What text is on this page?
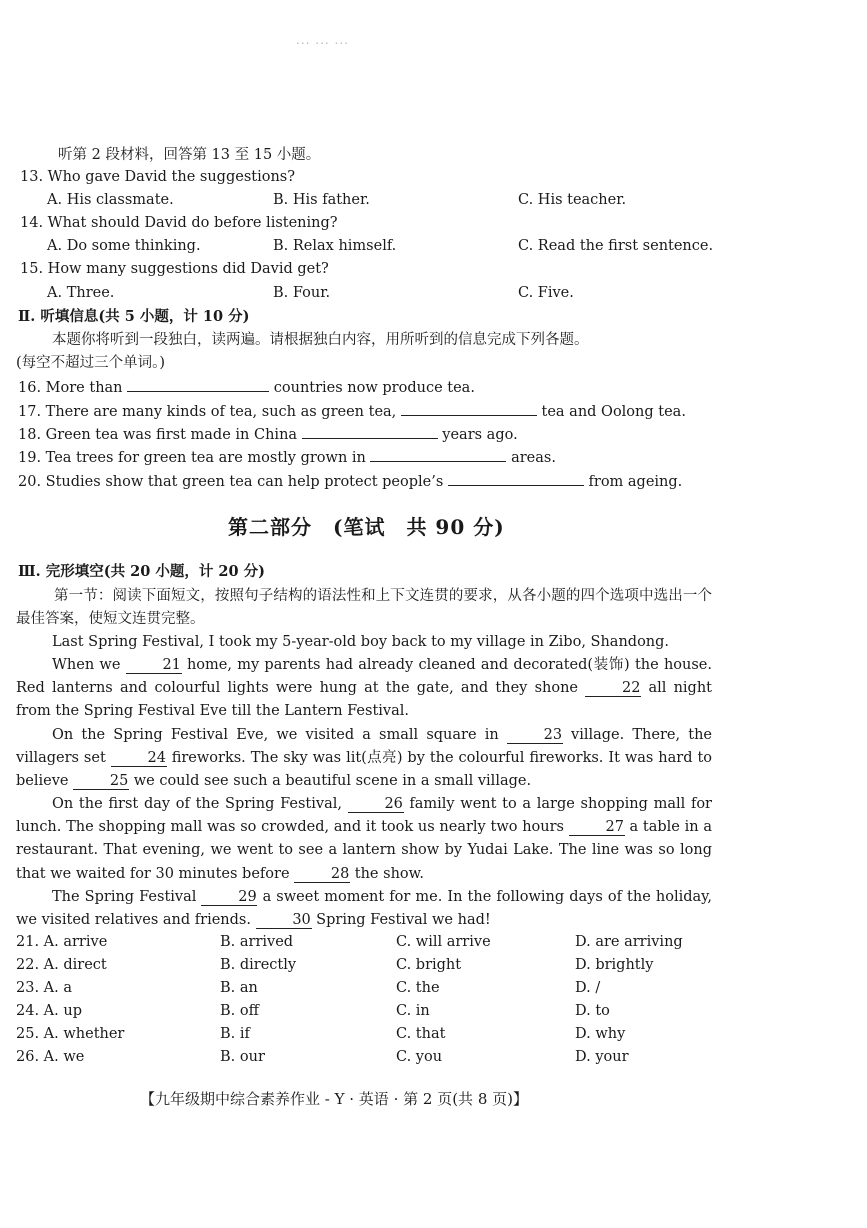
... ... ...
听第 2 段材料，回答第 13 至 15 小题。
13. Who gave David the suggestions?
A. His classmate.	B. His father.	C. His teacher.
14. What should David do before listening?
A. Do some thinking.	B. Relax himself.	C. Read the first sentence.
15. How many suggestions did David get?
A. Three.	B. Four.	C. Five.
Ⅱ. 听填信息(共 5 小题，计 10 分)
本题你将听到一段独白，读两遍。请根据独白内容，用所听到的信息完成下列各题。
(每空不超过三个单词。)
16. More than	countries now produce tea.
17. There are many kinds of tea, such as green tea,	tea and Oolong tea.
18. Green tea was first made in China	years ago.
19. Tea trees for green tea are mostly grown in	areas.
20. Studies show that green tea can help protect people’s	from ageing.
第二部分　(笔试　共 90 分)
Ⅲ. 完形填空(共 20 小题，计 20 分)
第一节：阅读下面短文，按照句子结构的语法性和上下文连贯的要求，从各小题的四个选项中选出一个最佳答案，使短文连贯完整。
Last Spring Festival, I took my 5-year-old boy back to my village in Zibo, Shandong.
When we	21 home, my parents had already cleaned and decorated(装饰) the house. Red lanterns and colourful lights were hung at the gate, and they shone	22 all night from the Spring Festival Eve till the Lantern Festival.
On the Spring Festival Eve, we visited a small square in	23 village. There, the villagers set	24 fireworks. The sky was lit(点亮) by the colourful fireworks. It was hard to believe	25 we could see such a beautiful scene in a small village.
On the first day of the Spring Festival,	26 family went to a large shopping mall for lunch. The shopping mall was so crowded, and it took us nearly two hours	27 a table in a restaurant. That evening, we went to see a lantern show by Yudai Lake. The line was so long that we waited for 30 minutes before	28 the show.
The Spring Festival	29 a sweet moment for me. In the following days of the holiday, we visited relatives and friends.	30 Spring Festival we had!
21. A. arrive	B. arrived	C. will arrive	D. are arriving
22. A. direct	B. directly	C. bright	D. brightly
23. A. a	B. an	C. the	D. /
24. A. up	B. off	C. in	D. to
25. A. whether	B. if	C. that	D. why
26. A. we	B. our	C. you	D. your
【九年级期中综合素养作业 - Y · 英语 · 第 2 页(共 8 页)】
